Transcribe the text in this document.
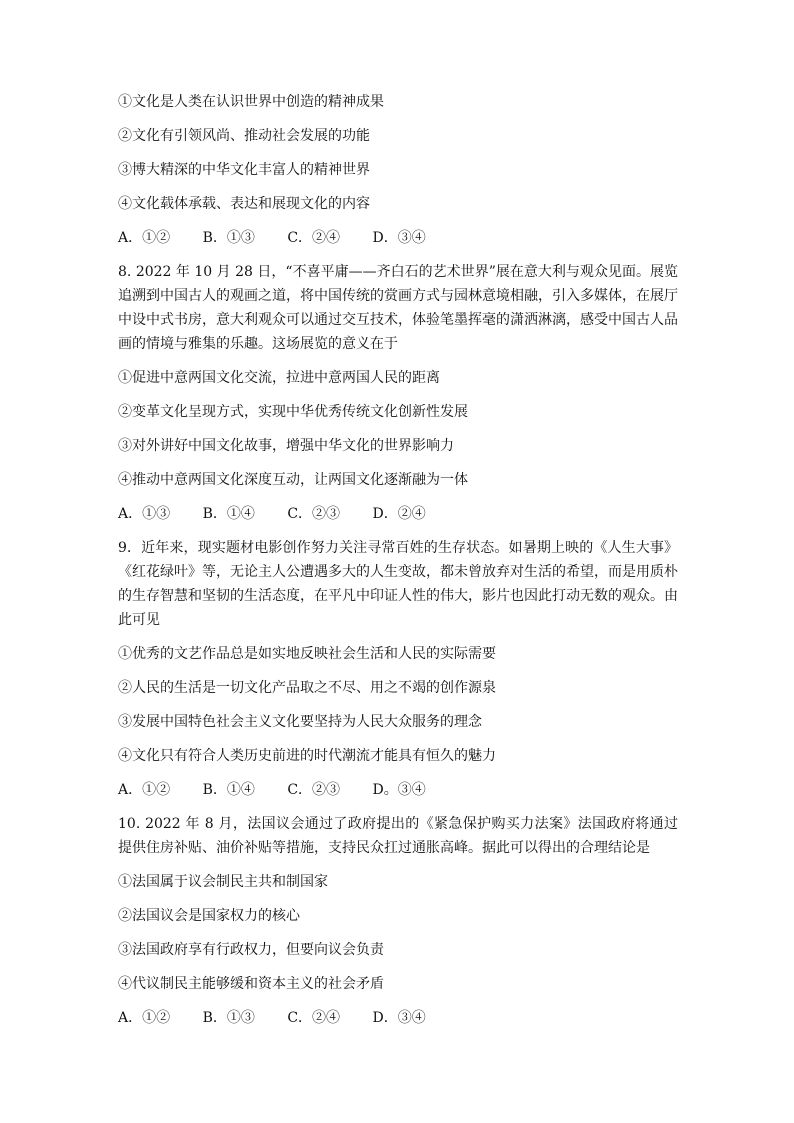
①文化是人类在认识世界中创造的精神成果
②文化有引领风尚、推动社会发展的功能
③博大精深的中华文化丰富人的精神世界
④文化载体承载、表达和展现文化的内容
A．①② B．①③ C．②④ D．③④
8. 2022 年 10 月 28 日，“不喜平庸——齐白石的艺术世界”展在意大利与观众见面。展览追溯到中国古人的观画之道，将中国传统的赏画方式与园林意境相融，引入多媒体，在展厅中设中式书房，意大利观众可以通过交互技术，体验笔墨挥毫的潇洒淋漓，感受中国古人品画的情境与雅集的乐趣。这场展览的意义在于
①促进中意两国文化交流，拉进中意两国人民的距离
②变革文化呈现方式，实现中华优秀传统文化创新性发展
③对外讲好中国文化故事，增强中华文化的世界影响力
④推动中意两国文化深度互动，让两国文化逐渐融为一体
A．①③ B．①④ C．②③ D．②④
9．近年来，现实题材电影创作努力关注寻常百姓的生存状态。如暑期上映的《人生大事》《红花绿叶》等，无论主人公遭遇多大的人生变故，都未曾放弃对生活的希望，而是用质朴的生存智慧和坚韧的生活态度，在平凡中印证人性的伟大，影片也因此打动无数的观众。由此可见
①优秀的文艺作品总是如实地反映社会生活和人民的实际需要
②人民的生活是一切文化产品取之不尽、用之不竭的创作源泉
③发展中国特色社会主义文化要坚持为人民大众服务的理念
④文化只有符合人类历史前进的时代潮流才能具有恒久的魅力
A．①② B．①④ C．②③ D。③④
10. 2022 年 8 月，法国议会通过了政府提出的《紧急保护购买力法案》法国政府将通过提供住房补贴、油价补贴等措施，支持民众扛过通胀高峰。据此可以得出的合理结论是
①法国属于议会制民主共和制国家
②法国议会是国家权力的核心
③法国政府享有行政权力，但要向议会负责
④代议制民主能够缓和资本主义的社会矛盾
A．①② B．①③ C．②④ D．③④
